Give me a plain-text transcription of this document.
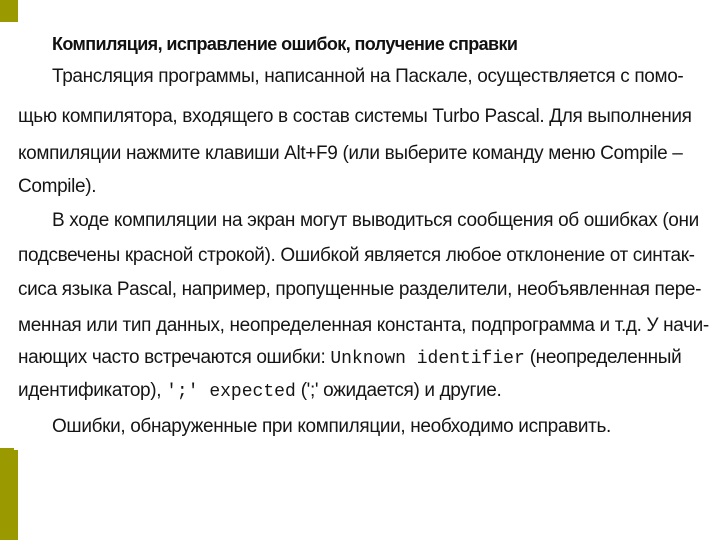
Компиляция, исправление ошибок, получение справки
Трансляция программы, написанной на Паскале, осуществляется с помо-
щью компилятора, входящего в состав системы Turbo Pascal. Для выполнения
компиляции нажмите клавиши Alt+F9 (или выберите команду меню Compile –
Compile).
В ходе компиляции на экран могут выводиться сообщения об ошибках (они
подсвечены красной строкой). Ошибкой является любое отклонение от синтак-
сиса языка Pascal, например, пропущенные разделители, необъявленная пере-
менная или тип данных, неопределенная константа, подпрограмма и т.д. У начи-
нающих часто встречаются ошибки: Unknown identifier (неопределенный
идентификатор), ';' expected (';' ожидается) и другие.
Ошибки, обнаруженные при компиляции, необходимо исправить.
